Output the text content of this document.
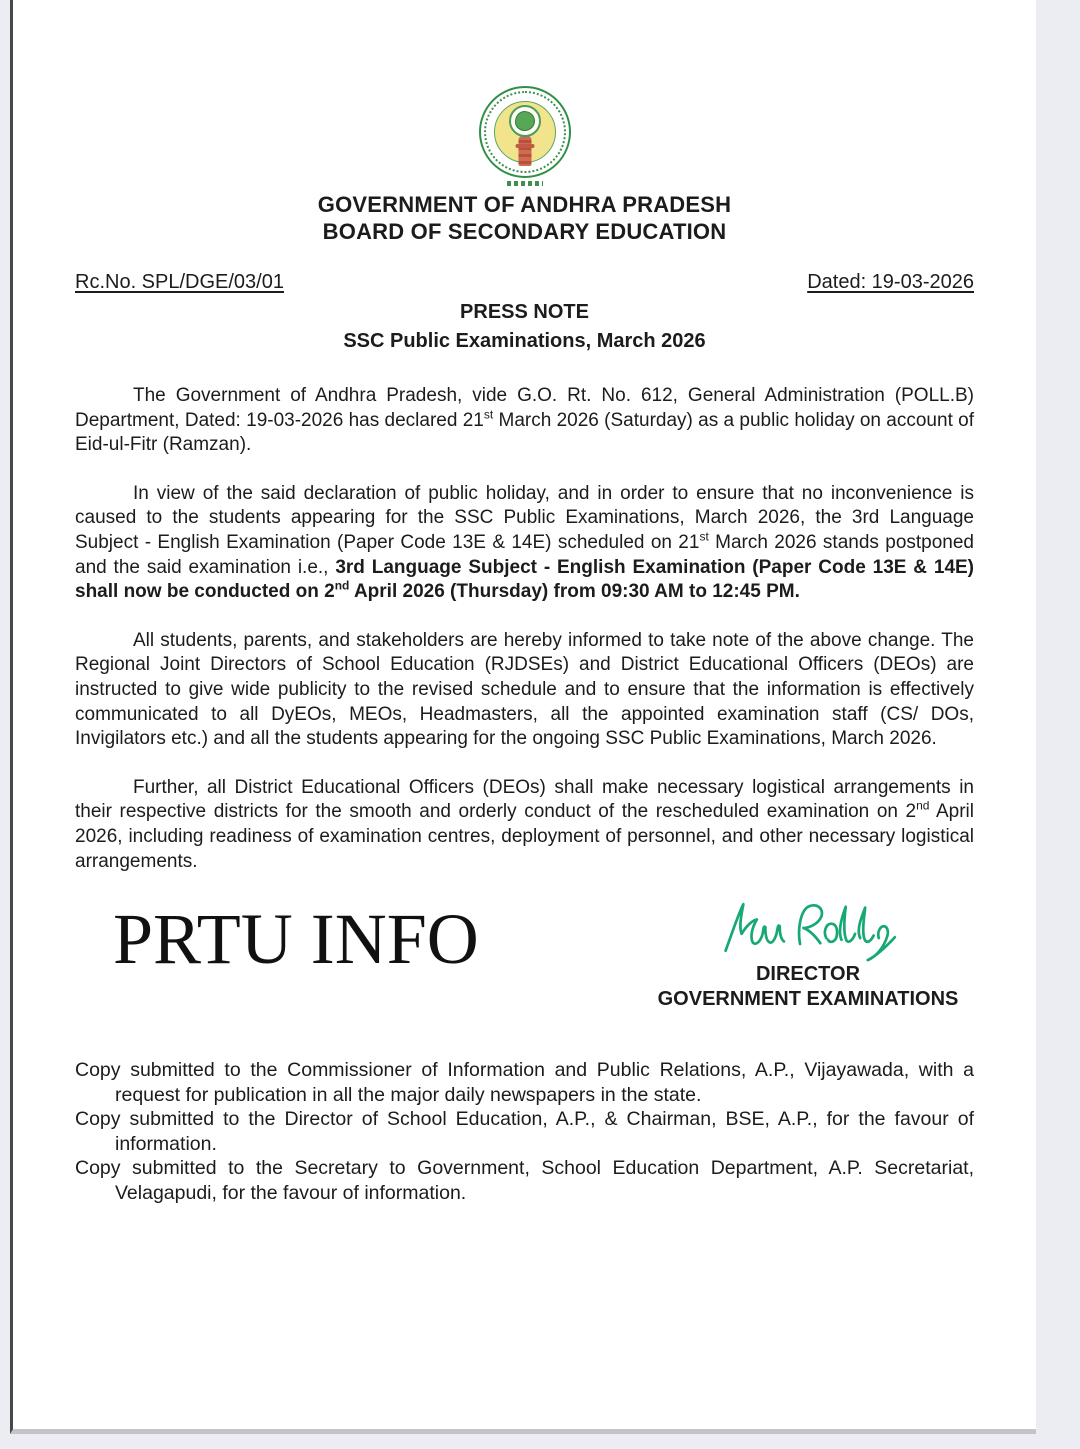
GOVERNMENT OF ANDHRA PRADESH
BOARD OF SECONDARY EDUCATION
Rc.No. SPL/DGE/03/01	Dated: 19-03-2026
PRESS NOTE
SSC Public Examinations, March 2026

The Government of Andhra Pradesh, vide G.O. Rt. No. 612, General Administration (POLL.B) Department, Dated: 19-03-2026 has declared 21st March 2026 (Saturday) as a public holiday on account of Eid-ul-Fitr (Ramzan).

In view of the said declaration of public holiday, and in order to ensure that no inconvenience is caused to the students appearing for the SSC Public Examinations, March 2026, the 3rd Language Subject - English Examination (Paper Code 13E & 14E) scheduled on 21st March 2026 stands postponed and the said examination i.e., 3rd Language Subject - English Examination (Paper Code 13E & 14E) shall now be conducted on 2nd April 2026 (Thursday) from 09:30 AM to 12:45 PM.

All students, parents, and stakeholders are hereby informed to take note of the above change. The Regional Joint Directors of School Education (RJDSEs) and District Educational Officers (DEOs) are instructed to give wide publicity to the revised schedule and to ensure that the information is effectively communicated to all DyEOs, MEOs, Headmasters, all the appointed examination staff (CS/ DOs, Invigilators etc.) and all the students appearing for the ongoing SSC Public Examinations, March 2026.

Further, all District Educational Officers (DEOs) shall make necessary logistical arrangements in their respective districts for the smooth and orderly conduct of the rescheduled examination on 2nd April 2026, including readiness of examination centres, deployment of personnel, and other necessary logistical arrangements.

PRTU INFO	DIRECTOR
GOVERNMENT EXAMINATIONS

Copy submitted to the Commissioner of Information and Public Relations, A.P., Vijayawada, with a request for publication in all the major daily newspapers in the state.

Copy submitted to the Director of School Education, A.P., & Chairman, BSE, A.P., for the favour of information.

Copy submitted to the Secretary to Government, School Education Department, A.P. Secretariat, Velagapudi, for the favour of information.
